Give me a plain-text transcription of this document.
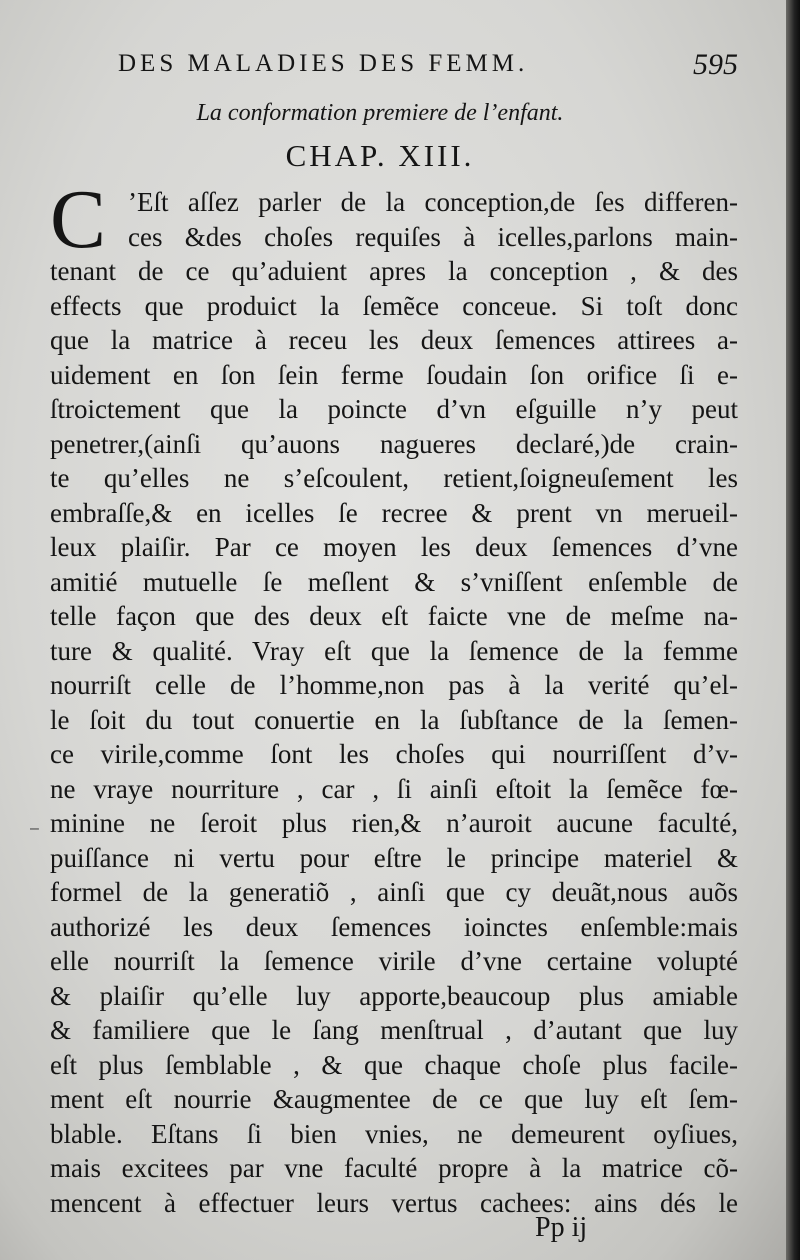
DES MALADIES DES FEMM.	595
La conformation premiere de l’enfant.
CHAP. XIII.
–
C ’Eſt aſſez parler de la conception,de ſes differen-
ces &des choſes requiſes à icelles,parlons main-
tenant de ce qu’aduient apres la conception , & des
effects que produict la ſemẽce conceue. Si toſt donc
que la matrice à receu les deux ſemences attirees a-
uidement en ſon ſein ferme ſoudain ſon orifice ſi e-
ſtroictement que la poincte d’vn eſguille n’y peut
penetrer,(ainſi qu’auons nagueres declaré,)de crain-
te qu’elles ne s’eſcoulent, retient,ſoigneuſement les
embraſſe,& en icelles ſe recree & prent vn merueil-
leux plaiſir. Par ce moyen les deux ſemences d’vne
amitié mutuelle ſe meſlent & s’vniſſent enſemble de
telle façon que des deux eſt faicte vne de meſme na-
ture & qualité. Vray eſt que la ſemence de la femme
nourriſt celle de l’homme,non pas à la verité qu’el-
le ſoit du tout conuertie en la ſubſtance de la ſemen-
ce virile,comme ſont les choſes qui nourriſſent d’v-
ne vraye nourriture , car , ſi ainſi eſtoit la ſemẽce fœ-
minine ne ſeroit plus rien,& n’auroit aucune faculté,
puiſſance ni vertu pour eſtre le principe materiel &
formel de la generatiõ , ainſi que cy deuãt,nous auõs
authorizé les deux ſemences ioinctes enſemble:mais
elle nourriſt la ſemence virile d’vne certaine volupté
& plaiſir qu’elle luy apporte,beaucoup plus amiable
& familiere que le ſang menſtrual , d’autant que luy
eſt plus ſemblable , & que chaque choſe plus facile-
ment eſt nourrie &augmentee de ce que luy eſt ſem-
blable. Eſtans ſi bien vnies, ne demeurent oyſiues,
mais excitees par vne faculté propre à la matrice cõ-
mencent à effectuer leurs vertus cachees: ains dés le
Pp ij
